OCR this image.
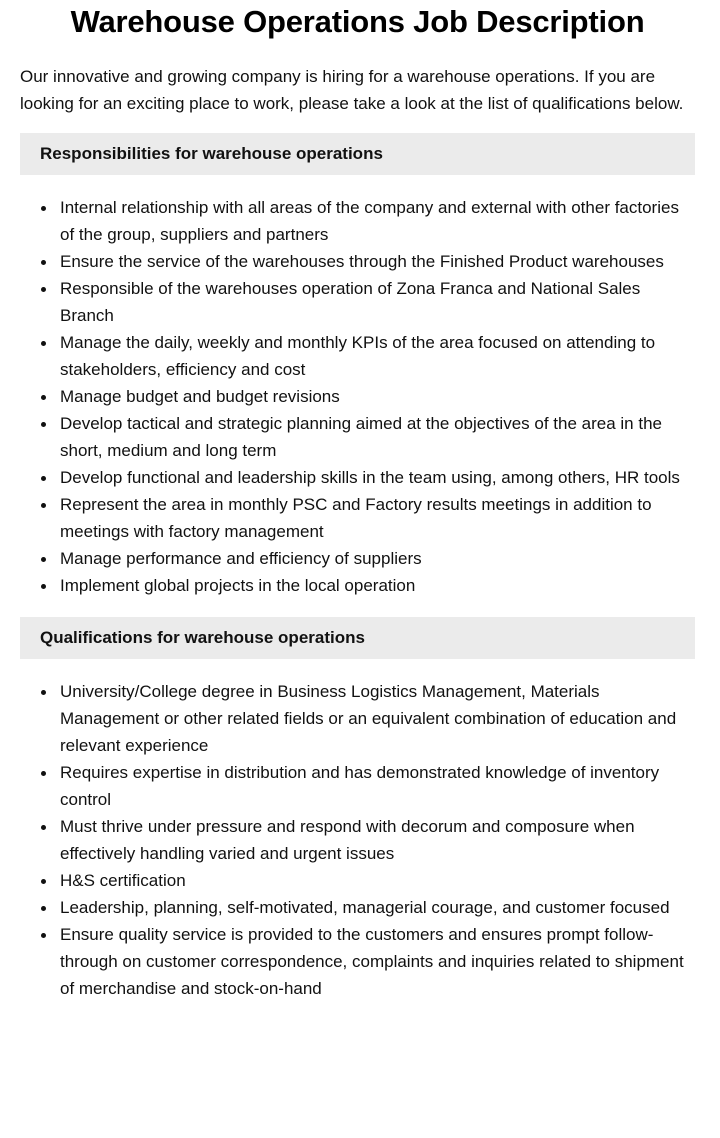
Warehouse Operations Job Description

Our innovative and growing company is hiring for a warehouse operations. If you are looking for an exciting place to work, please take a look at the list of qualifications below.

Responsibilities for warehouse operations
Internal relationship with all areas of the company and external with other factories of the group, suppliers and partners
Ensure the service of the warehouses through the Finished Product warehouses
Responsible of the warehouses operation of Zona Franca and National Sales Branch
Manage the daily, weekly and monthly KPIs of the area focused on attending to stakeholders, efficiency and cost
Manage budget and budget revisions
Develop tactical and strategic planning aimed at the objectives of the area in the short, medium and long term
Develop functional and leadership skills in the team using, among others, HR tools
Represent the area in monthly PSC and Factory results meetings in addition to meetings with factory management
Manage performance and efficiency of suppliers
Implement global projects in the local operation
Qualifications for warehouse operations
University/College degree in Business Logistics Management, Materials Management or other related fields or an equivalent combination of education and relevant experience
Requires expertise in distribution and has demonstrated knowledge of inventory control
Must thrive under pressure and respond with decorum and composure when effectively handling varied and urgent issues
H&S certification
Leadership, planning, self-motivated, managerial courage, and customer focused
Ensure quality service is provided to the customers and ensures prompt follow-through on customer correspondence, complaints and inquiries related to shipment of merchandise and stock-on-hand
